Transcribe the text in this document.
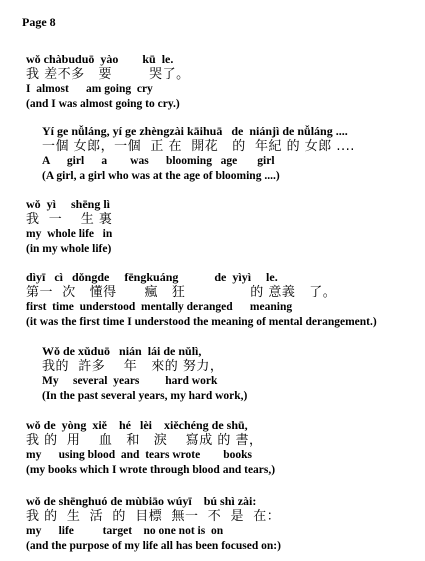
Page 8
wǒ chàbuduō  yào        kū  le.
我 差不多   要        哭了。
I  almost      am going  cry
(and I was almost going to cry.)
Yí ge nǚláng, yí ge zhèngzài kāihuā   de  niánjì de nǚláng ....
一個 女郎，一個  正 在  開花   的  年紀 的 女郎 ....
A      girl      a        was      blooming   age       girl
(A girl, a girl who was at the age of blooming ....)
wǒ  yì     shēng lì
我  一    生 裏
my  whole life   in
(in my whole life)
dìyī   cì   dǒngde     fēngkuáng            de  yìyì     le.
第一  次   懂得      瘋   狂              的 意義   了。
first  time  understood  mentally deranged      meaning
(it was the first time I understood the meaning of mental derangement.)
Wǒ de xǔduō   nián  lái de nǔlì,
我的  許多    年   來的 努力，
My     several  years         hard work
(In the past several years, my hard work,)
wǒ de  yòng  xiě    hé   lèi    xiěchéng de shū,
我 的  用    血   和   淚    寫成 的 書，
my      using blood  and  tears wrote        books
(my books which I wrote through blood and tears,)
wǒ de shēnghuó de mùbiāo wúyī    bú shì zài:
我 的  生  活  的  目標  無一  不  是  在：
my      life          target    no one not is  on
(and the purpose of my life all has been focused on:)
